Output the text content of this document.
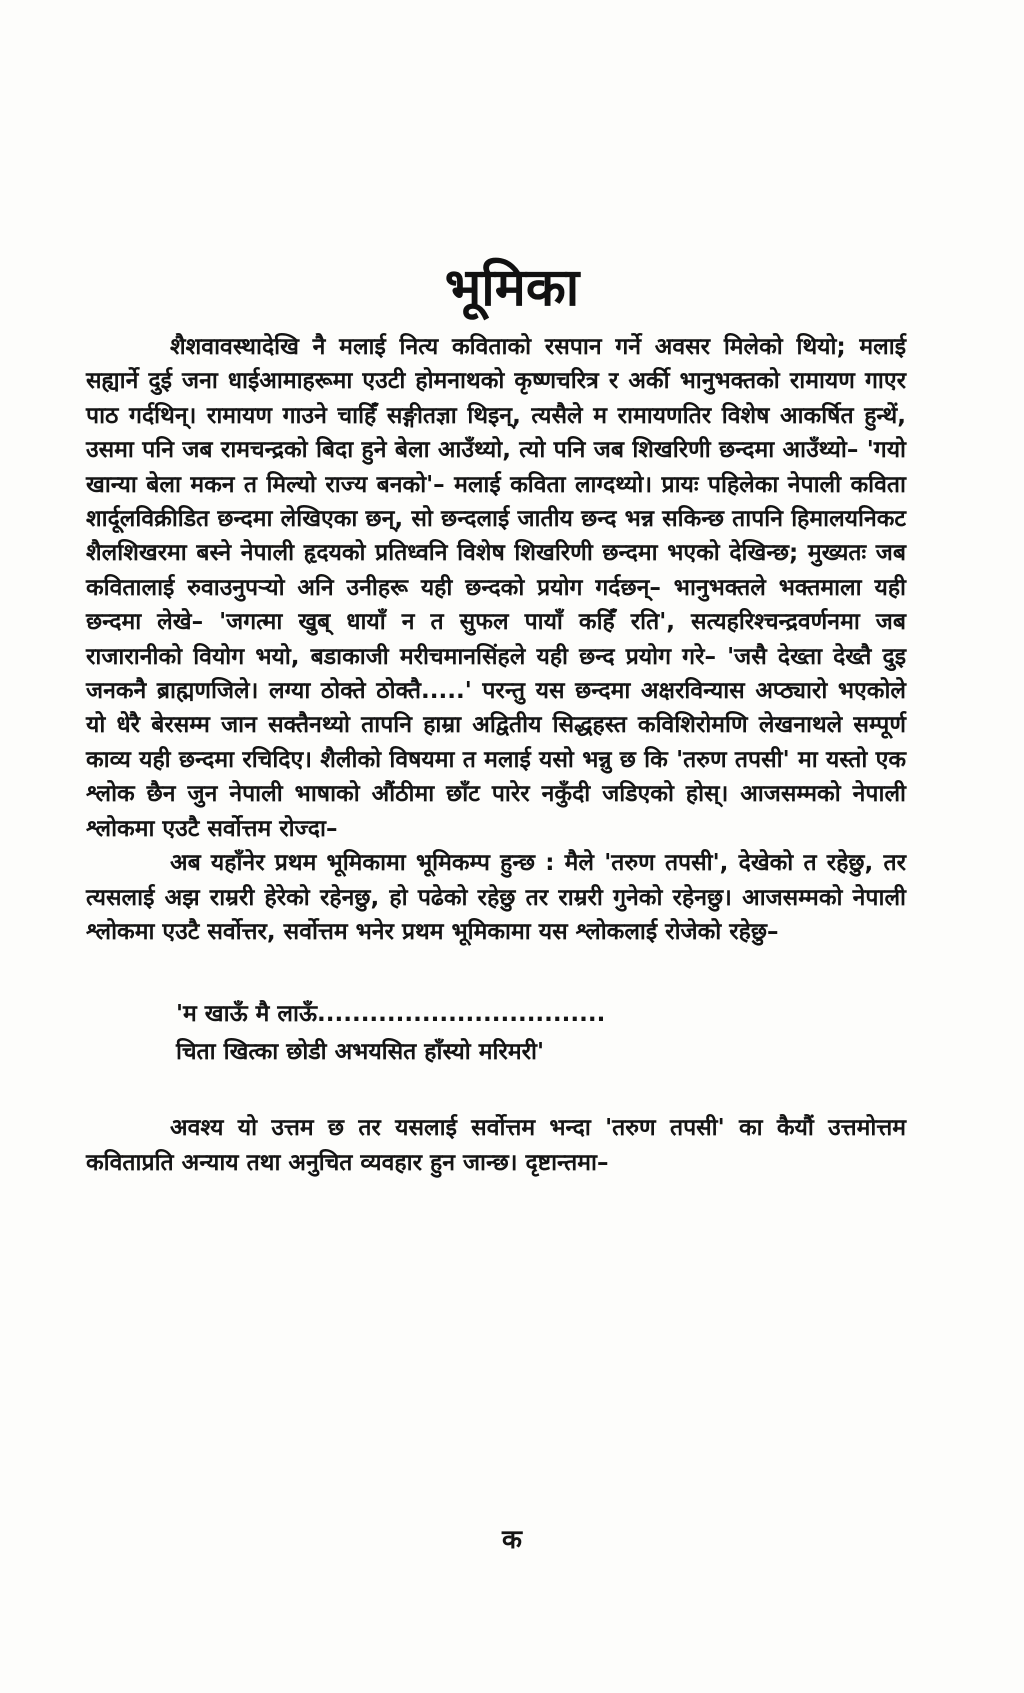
भूमिका

शैशवावस्थादेखि नै मलाई नित्य कविताको रसपान गर्ने अवसर मिलेको थियो; मलाई सह्यार्ने दुई जना धाईआमाहरूमा एउटी होमनाथको कृष्णचरित्र र अर्की भानुभक्तको रामायण गाएर पाठ गर्दथिन्। रामायण गाउने चाहिँ सङ्गीतज्ञा थिइन्, त्यसैले म रामायणतिर विशेष आकर्षित हुन्थें, उसमा पनि जब रामचन्द्रको बिदा हुने बेला आउँथ्यो, त्यो पनि जब शिखरिणी छन्दमा आउँथ्यो– 'गयो खान्या बेला मकन त मिल्यो राज्य बनको'– मलाई कविता लाग्दथ्यो। प्रायः पहिलेका नेपाली कविता शार्दूलविक्रीडित छन्दमा लेखिएका छन्, सो छन्दलाई जातीय छन्द भन्न सकिन्छ तापनि हिमालयनिकट शैलशिखरमा बस्ने नेपाली हृदयको प्रतिध्वनि विशेष शिखरिणी छन्दमा भएको देखिन्छ; मुख्यतः जब कवितालाई रुवाउनुपर्‍यो अनि उनीहरू यही छन्दको प्रयोग गर्दछन्– भानुभक्तले भक्तमाला यही छन्दमा लेखे– 'जगत्मा खुब् धायाँ न त सुफल पायाँ कहिँ रति', सत्यहरिश्चन्द्रवर्णनमा जब राजारानीको वियोग भयो, बडाकाजी मरीचमानसिंहले यही छन्द प्रयोग गरे– 'जसै देख्ता देख्तै दुइ जनकनै ब्राह्मणजिले। लग्या ठोक्ते ठोक्तै.....' परन्तु यस छन्दमा अक्षरविन्यास अप्ठ्यारो भएकोले यो धेरै बेरसम्म जान सक्तैनथ्यो तापनि हाम्रा अद्वितीय सिद्धहस्त कविशिरोमणि लेखनाथले सम्पूर्ण काव्य यही छन्दमा रचिदिए। शैलीको विषयमा त मलाई यसो भन्नु छ कि 'तरुण तपसी' मा यस्तो एक श्लोक छैन जुन नेपाली भाषाको औंठीमा छाँट पारेर नकुँदी जडिएको होस्। आजसम्मको नेपाली श्लोकमा एउटै सर्वोत्तम रोज्दा–

अब यहाँनेर प्रथम भूमिकामा भूमिकम्प हुन्छ : मैले 'तरुण तपसी', देखेको त रहेछु, तर त्यसलाई अझ राम्ररी हेरेको रहेनछु, हो पढेको रहेछु तर राम्ररी गुनेको रहेनछु। आजसम्मको नेपाली श्लोकमा एउटै सर्वोत्तर, सर्वोत्तम भनेर प्रथम भूमिकामा यस श्लोकलाई रोजेको रहेछु–

'म खाऊँ मै लाऊँ.................................
चिता खित्का छोडी अभयसित हाँस्यो मरिमरी'

अवश्य यो उत्तम छ तर यसलाई सर्वोत्तम भन्दा 'तरुण तपसी' का कैयौं उत्तमोत्तम कविताप्रति अन्याय तथा अनुचित व्यवहार हुन जान्छ। दृष्टान्तमा–

क
